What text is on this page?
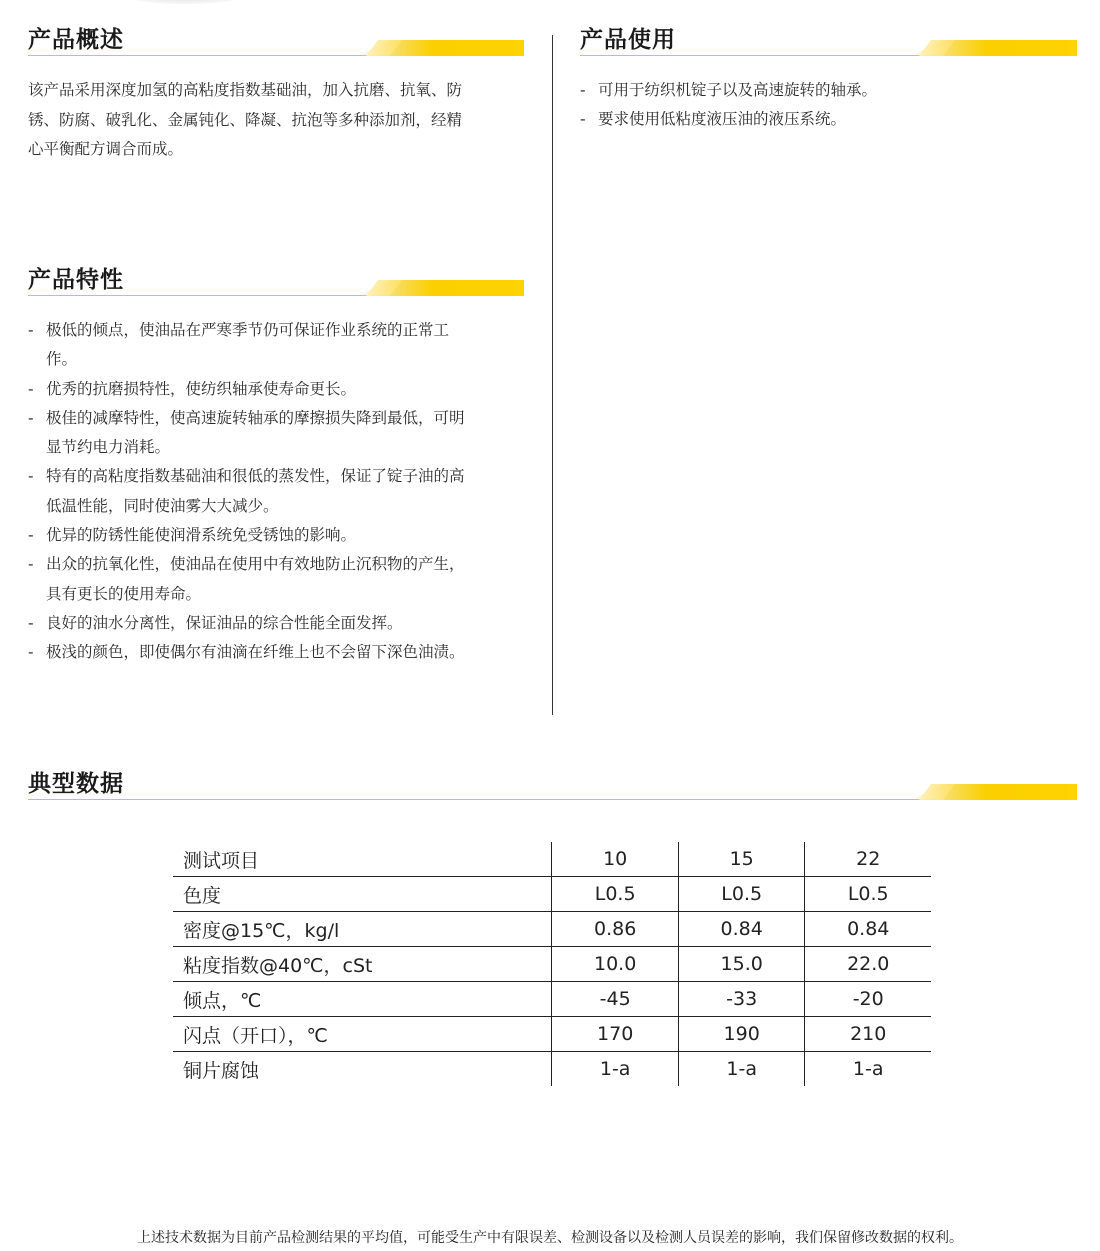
产品概述
该产品采用深度加氢的高粘度指数基础油，加入抗磨、抗氧、防
锈、防腐、破乳化、金属钝化、降凝、抗泡等多种添加剂，经精
心平衡配方调合而成。
产品使用
- 可用于纺织机锭子以及高速旋转的轴承。
- 要求使用低粘度液压油的液压系统。
产品特性
- 极低的倾点，使油品在严寒季节仍可保证作业系统的正常工
作。
- 优秀的抗磨损特性，使纺织轴承使寿命更长。
- 极佳的减摩特性，使高速旋转轴承的摩擦损失降到最低，可明
显节约电力消耗。
- 特有的高粘度指数基础油和很低的蒸发性，保证了锭子油的高
低温性能，同时使油雾大大减少。
- 优异的防锈性能使润滑系统免受锈蚀的影响。
- 出众的抗氧化性，使油品在使用中有效地防止沉积物的产生，
具有更长的使用寿命。
- 良好的油水分离性，保证油品的综合性能全面发挥。
- 极浅的颜色，即使偶尔有油滴在纤维上也不会留下深色油渍。
典型数据
测试项目	10	15	22
色度	L0.5	L0.5	L0.5
密度@15℃，kg/l	0.86	0.84	0.84
粘度指数@40℃，cSt	10.0	15.0	22.0
倾点，℃	-45	-33	-20
闪点（开口），℃	170	190	210
铜片腐蚀	1-a	1-a	1-a
上述技术数据为目前产品检测结果的平均值，可能受生产中有限误差、检测设备以及检测人员误差的影响，我们保留修改数据的权利。
